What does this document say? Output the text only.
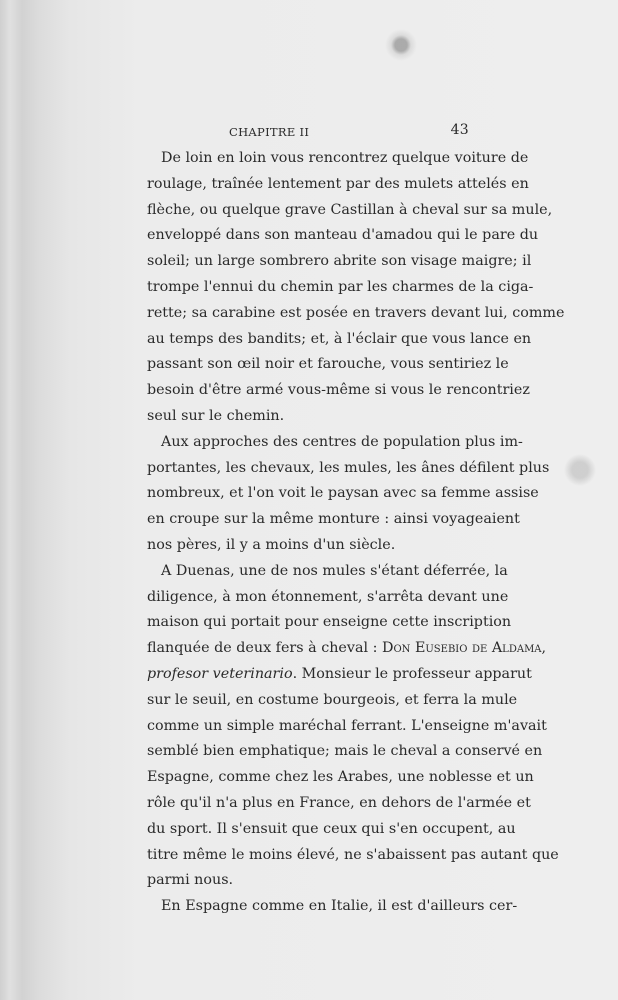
CHAPITRE II	43
De loin en loin vous rencontrez quelque voiture de
roulage, traînée lentement par des mulets attelés en
flèche, ou quelque grave Castillan à cheval sur sa mule,
enveloppé dans son manteau d'amadou qui le pare du
soleil; un large sombrero abrite son visage maigre; il
trompe l'ennui du chemin par les charmes de la ciga-
rette; sa carabine est posée en travers devant lui, comme
au temps des bandits; et, à l'éclair que vous lance en
passant son œil noir et farouche, vous sentiriez le
besoin d'être armé vous-même si vous le rencontriez
seul sur le chemin.
Aux approches des centres de population plus im-
portantes, les chevaux, les mules, les ânes défilent plus
nombreux, et l'on voit le paysan avec sa femme assise
en croupe sur la même monture : ainsi voyageaient
nos pères, il y a moins d'un siècle.
A Duenas, une de nos mules s'étant déferrée, la
diligence, à mon étonnement, s'arrêta devant une
maison qui portait pour enseigne cette inscription
flanquée de deux fers à cheval : Don Eusebio de Aldama,
profesor veterinario. Monsieur le professeur apparut
sur le seuil, en costume bourgeois, et ferra la mule
comme un simple maréchal ferrant. L'enseigne m'avait
semblé bien emphatique; mais le cheval a conservé en
Espagne, comme chez les Arabes, une noblesse et un
rôle qu'il n'a plus en France, en dehors de l'armée et
du sport. Il s'ensuit que ceux qui s'en occupent, au
titre même le moins élevé, ne s'abaissent pas autant que
parmi nous.
En Espagne comme en Italie, il est d'ailleurs cer-
